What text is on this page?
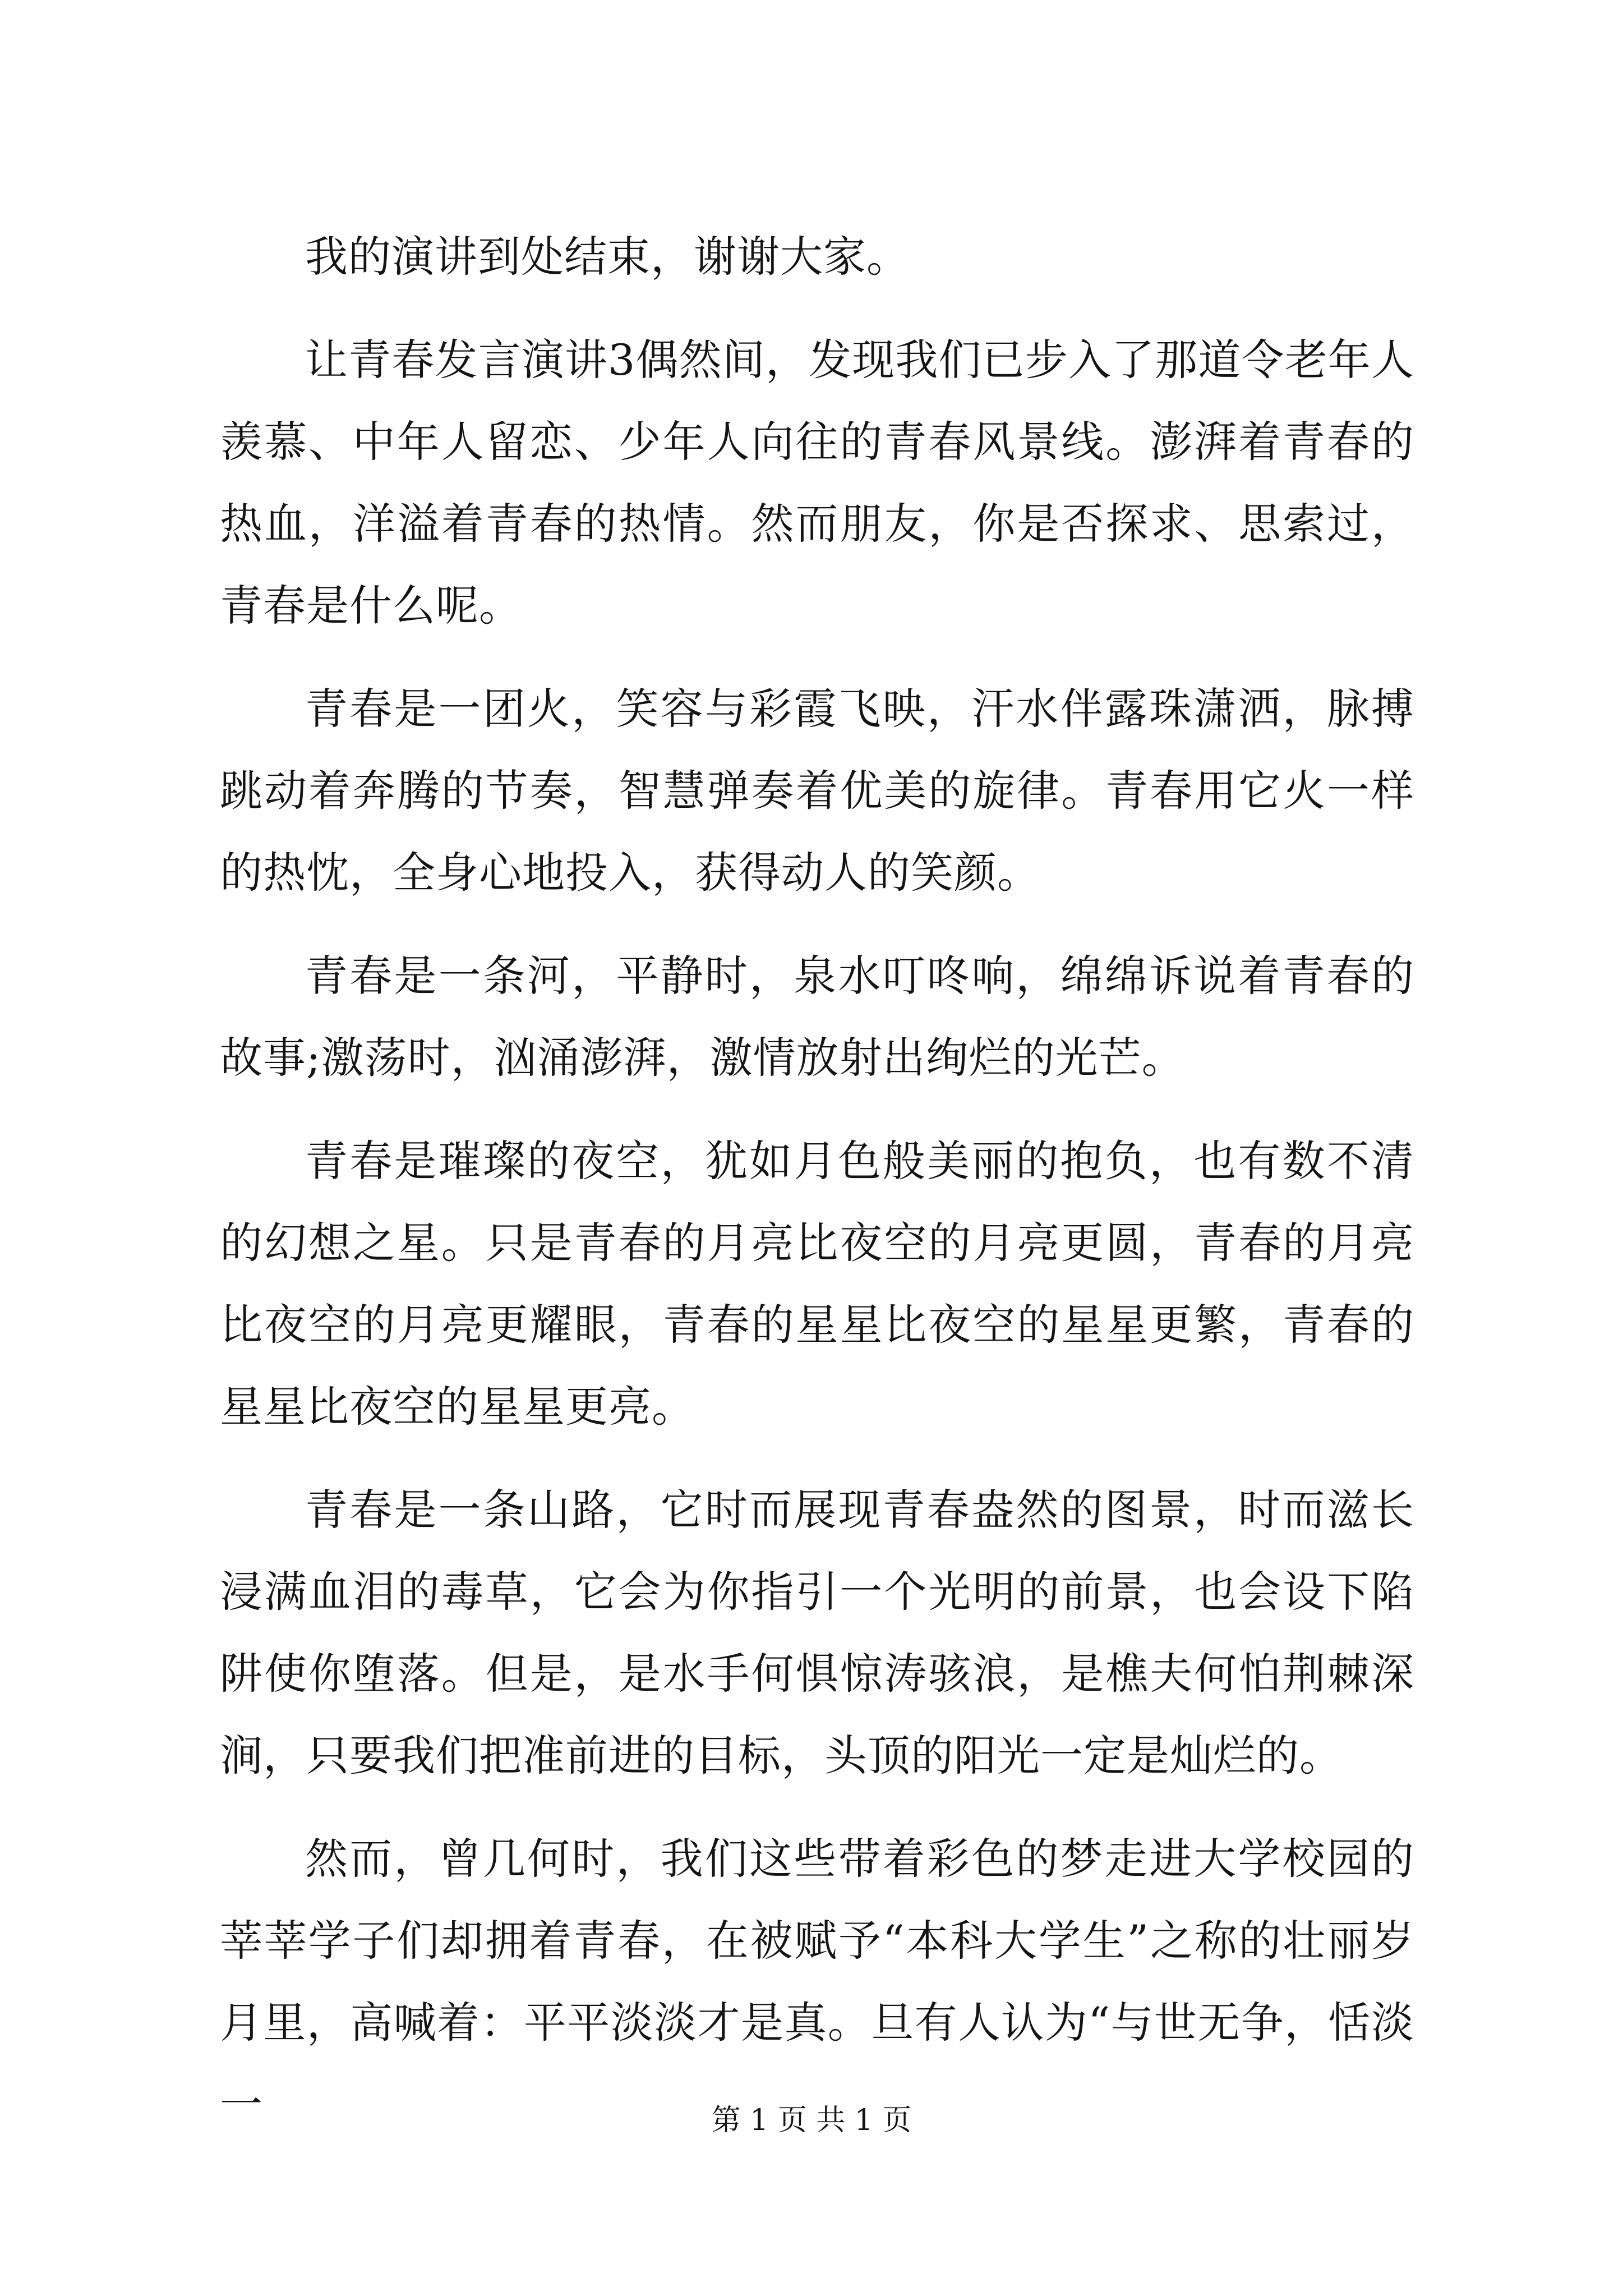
我的演讲到处结束，谢谢大家。

让青春发言演讲3偶然间，发现我们已步入了那道令老年人羡慕、中年人留恋、少年人向往的青春风景线。澎湃着青春的热血，洋溢着青春的热情。然而朋友，你是否探求、思索过，青春是什么呢。

青春是一团火，笑容与彩霞飞映，汗水伴露珠潇洒，脉搏跳动着奔腾的节奏，智慧弹奏着优美的旋律。青春用它火一样的热忱，全身心地投入，获得动人的笑颜。

青春是一条河，平静时，泉水叮咚响，绵绵诉说着青春的故事;激荡时，汹涌澎湃，激情放射出绚烂的光芒。

青春是璀璨的夜空，犹如月色般美丽的抱负，也有数不清的幻想之星。只是青春的月亮比夜空的月亮更圆，青春的月亮比夜空的月亮更耀眼，青春的星星比夜空的星星更繁，青春的星星比夜空的星星更亮。

青春是一条山路，它时而展现青春盎然的图景，时而滋长浸满血泪的毒草，它会为你指引一个光明的前景，也会设下陷阱使你堕落。但是，是水手何惧惊涛骇浪，是樵夫何怕荆棘深涧，只要我们把准前进的目标，头顶的阳光一定是灿烂的。

然而，曾几何时，我们这些带着彩色的梦走进大学校园的莘莘学子们却拥着青春，在被赋予“本科大学生”之称的壮丽岁月里，高喊着：平平淡淡才是真。旦有人认为“与世无争，恬淡一	第 1 页 共 1 页
